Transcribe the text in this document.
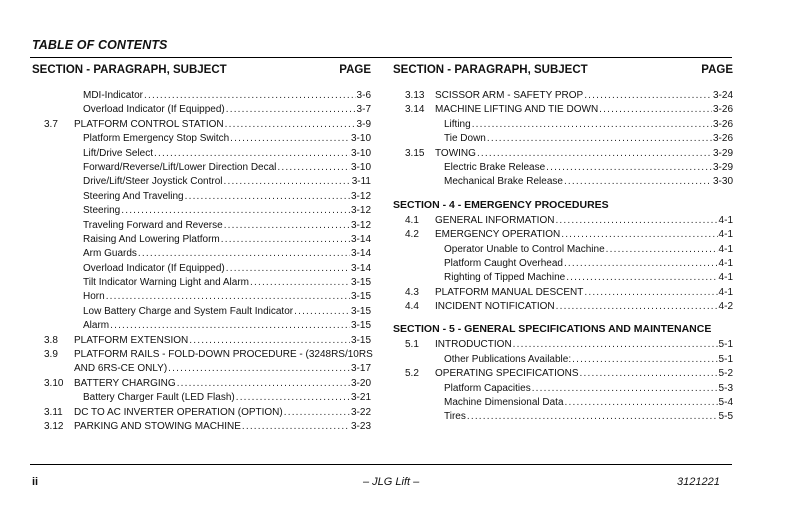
TABLE OF CONTENTS
SECTION - PARAGRAPH, SUBJECT	PAGE
MDI-Indicator .....	3-6
Overload Indicator (If Equipped) .....	3-7
3.7 PLATFORM CONTROL STATION .....	3-9
Platform Emergency Stop Switch .....	3-10
Lift/Drive Select .....	3-10
Forward/Reverse/Lift/Lower Direction Decal .....	3-10
Drive/Lift/Steer Joystick Control .....	3-11
Steering And Traveling .....	3-12
Steering .....	3-12
Traveling Forward and Reverse .....	3-12
Raising And Lowering Platform .....	3-14
Arm Guards .....	3-14
Overload Indicator (If Equipped) .....	3-14
Tilt Indicator Warning Light and Alarm .....	3-15
Horn .....	3-15
Low Battery Charge and System Fault Indicator .....	3-15
Alarm .....	3-15
3.8 PLATFORM EXTENSION .....	3-15
3.9 PLATFORM RAILS - FOLD-DOWN PROCEDURE - (3248RS/10RS
AND 6RS-CE ONLY) .....	3-17
3.10 BATTERY CHARGING .....	3-20
Battery Charger Fault (LED Flash) .....	3-21
3.11 DC TO AC INVERTER OPERATION (OPTION) .....	3-22
3.12 PARKING AND STOWING MACHINE .....	3-23
SECTION - PARAGRAPH, SUBJECT	PAGE
3.13 SCISSOR ARM - SAFETY PROP .....	3-24
3.14 MACHINE LIFTING AND TIE DOWN .....	3-26
Lifting .....	3-26
Tie Down .....	3-26
3.15 TOWING .....	3-29
Electric Brake Release .....	3-29
Mechanical Brake Release .....	3-30
SECTION - 4 - EMERGENCY PROCEDURES
4.1 GENERAL INFORMATION .....	4-1
4.2 EMERGENCY OPERATION .....	4-1
Operator Unable to Control Machine .....	4-1
Platform Caught Overhead .....	4-1
Righting of Tipped Machine .....	4-1
4.3 PLATFORM MANUAL DESCENT .....	4-1
4.4 INCIDENT NOTIFICATION .....	4-2
SECTION - 5 - GENERAL SPECIFICATIONS AND MAINTENANCE
5.1 INTRODUCTION .....	5-1
Other Publications Available: .....	5-1
5.2 OPERATING SPECIFICATIONS .....	5-2
Platform Capacities .....	5-3
Machine Dimensional Data .....	5-4
Tires .....	5-5
ii	– JLG Lift –	3121221
